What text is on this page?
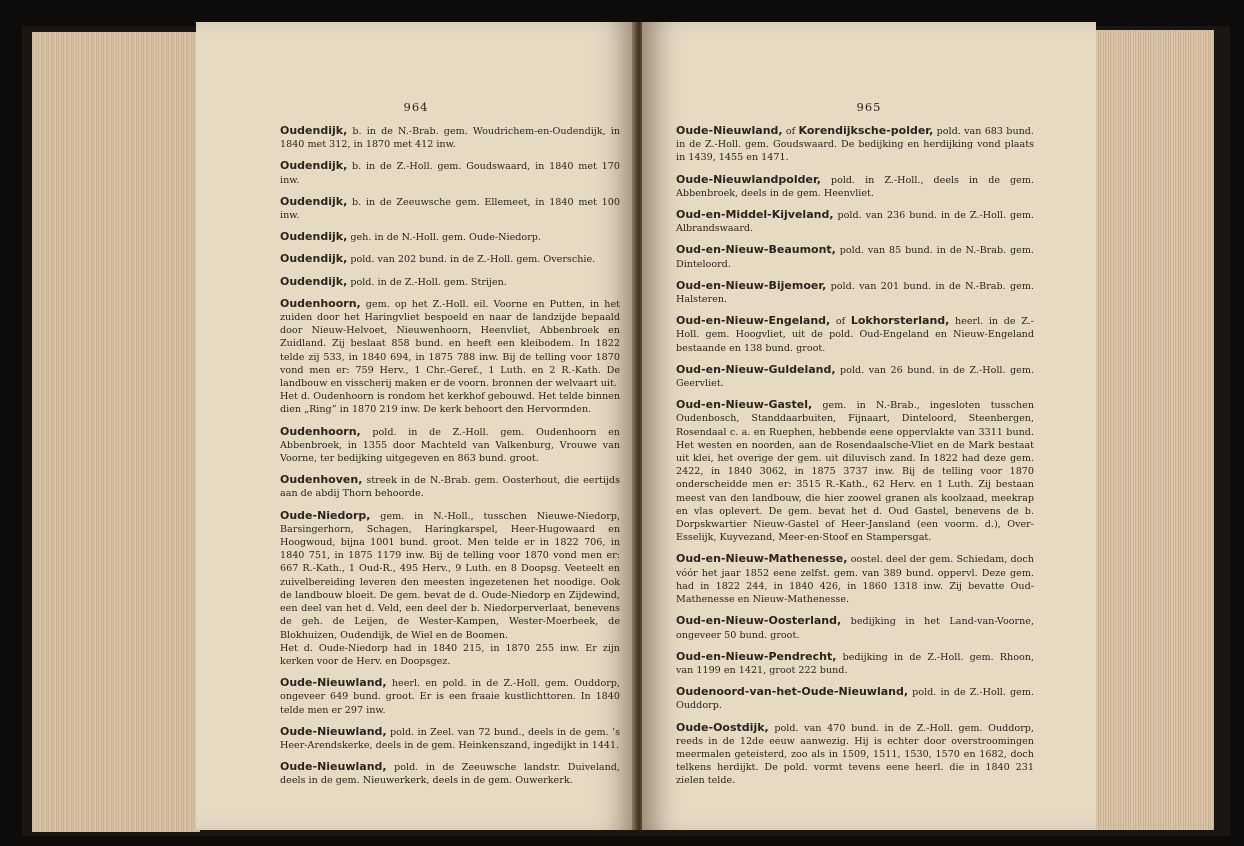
964

Oudendijk, b. in de N.-Brab. gem. Woudrichem-en-Oudendijk, in 1840 met 312, in 1870 met 412 inw.

Oudendijk, b. in de Z.-Holl. gem. Goudswaard, in 1840 met 170 inw.

Oudendijk, b. in de Zeeuwsche gem. Ellemeet, in 1840 met 100 inw.

Oudendijk, geh. in de N.-Holl. gem. Oude-Niedorp.

Oudendijk, pold. van 202 bund. in de Z.-Holl. gem. Overschie.

Oudendijk, pold. in de Z.-Holl. gem. Strijen.

Oudenhoorn, gem. op het Z.-Holl. eil. Voorne en Putten, in het zuiden door het Haringvliet bespoeld en naar de landzijde bepaald door Nieuw-Helvoet, Nieuwenhoorn, Heenvliet, Abbenbroek en Zuidland. Zij beslaat 858 bund. en heeft een kleibodem. In 1822 telde zij 533, in 1840 694, in 1875 788 inw. Bij de telling voor 1870 vond men er: 759 Herv., 1 Chr.-Geref., 1 Luth. en 2 R.-Kath. De landbouw en visscherij maken er de voorn. bronnen der welvaart uit.

Het d. Oudenhoorn is rondom het kerkhof gebouwd. Het telde binnen dien „Ring” in 1870 219 inw. De kerk behoort den Hervormden.

Oudenhoorn, pold. in de Z.-Holl. gem. Oudenhoorn en Abbenbroek, in 1355 door Machteld van Valkenburg, Vrouwe van Voorne, ter bedijking uitgegeven en 863 bund. groot.

Oudenhoven, streek in de N.-Brab. gem. Oosterhout, die eertijds aan de abdij Thorn behoorde.

Oude-Niedorp, gem. in N.-Holl., tusschen Nieuwe-Niedorp, Barsingerhorn, Schagen, Haringkarspel, Heer-Hugowaard en Hoogwoud, bijna 1001 bund. groot. Men telde er in 1822 706, in 1840 751, in 1875 1179 inw. Bij de telling voor 1870 vond men er: 667 R.-Kath., 1 Oud-R., 495 Herv., 9 Luth. en 8 Doopsg. Veeteelt en zuivelbereiding leveren den meesten ingezetenen het noodige. Ook de landbouw bloeit. De gem. bevat de d. Oude-Niedorp en Zijdewind, een deel van het d. Veld, een deel der b. Niedorperverlaat, benevens de geh. de Leijen, de Wester-Kampen, Wester-Moerbeek, de Blokhuizen, Oudendijk, de Wiel en de Boomen.

Het d. Oude-Niedorp had in 1840 215, in 1870 255 inw. Er zijn kerken voor de Herv. en Doopsgez.

Oude-Nieuwland, heerl. en pold. in de Z.-Holl. gem. Ouddorp, ongeveer 649 bund. groot. Er is een fraaie kustlichttoren. In 1840 telde men er 297 inw.

Oude-Nieuwland, pold. in Zeel. van 72 bund., deels in de gem. ’s Heer-Arendskerke, deels in de gem. Heinkenszand, ingedijkt in 1441.

Oude-Nieuwland, pold. in de Zeeuwsche landstr. Duiveland, deels in de gem. Nieuwerkerk, deels in de gem. Ouwerkerk.

965

Oude-Nieuwland, of Korendijksche-polder, pold. van 683 bund. in de Z.-Holl. gem. Goudswaard. De bedijking en herdijking vond plaats in 1439, 1455 en 1471.

Oude-Nieuwlandpolder, pold. in Z.-Holl., deels in de gem. Abbenbroek, deels in de gem. Heenvliet.

Oud-en-Middel-Kijveland, pold. van 236 bund. in de Z.-Holl. gem. Albrandswaard.

Oud-en-Nieuw-Beaumont, pold. van 85 bund. in de N.-Brab. gem. Dinteloord.

Oud-en-Nieuw-Bijemoer, pold. van 201 bund. in de N.-Brab. gem. Halsteren.

Oud-en-Nieuw-Engeland, of Lokhorsterland, heerl. in de Z.-Holl. gem. Hoogvliet, uit de pold. Oud-Engeland en Nieuw-Engeland bestaande en 138 bund. groot.

Oud-en-Nieuw-Guldeland, pold. van 26 bund. in de Z.-Holl. gem. Geervliet.

Oud-en-Nieuw-Gastel, gem. in N.-Brab., ingesloten tusschen Oudenbosch, Standdaarbuiten, Fijnaart, Dinteloord, Steenbergen, Rosendaal c. a. en Ruephen, hebbende eene oppervlakte van 3311 bund. Het westen en noorden, aan de Rosendaalsche-Vliet en de Mark bestaat uit klei, het overige der gem. uit diluvisch zand. In 1822 had deze gem. 2422, in 1840 3062, in 1875 3737 inw. Bij de telling voor 1870 onderscheidde men er: 3515 R.-Kath., 62 Herv. en 1 Luth. Zij bestaan meest van den landbouw, die hier zoowel granen als koolzaad, meekrap en vlas oplevert. De gem. bevat het d. Oud Gastel, benevens de b. Dorpskwartier Nieuw-Gastel of Heer-Jansland (een voorm. d.), Over-Esselijk, Kuyvezand, Meer-en-Stoof en Stampersgat.

Oud-en-Nieuw-Mathenesse, oostel. deel der gem. Schiedam, doch vóór het jaar 1852 eene zelfst. gem. van 389 bund. oppervl. Deze gem. had in 1822 244, in 1840 426, in 1860 1318 inw. Zij bevatte Oud-Mathenesse en Nieuw-Mathenesse.

Oud-en-Nieuw-Oosterland, bedijking in het Land-van-Voorne, ongeveer 50 bund. groot.

Oud-en-Nieuw-Pendrecht, bedijking in de Z.-Holl. gem. Rhoon, van 1199 en 1421, groot 222 bund.

Oudenoord-van-het-Oude-Nieuwland, pold. in de Z.-Holl. gem. Ouddorp.

Oude-Oostdijk, pold. van 470 bund. in de Z.-Holl. gem. Ouddorp, reeds in de 12de eeuw aanwezig. Hij is echter door overstroomingen meermalen geteisterd, zoo als in 1509, 1511, 1530, 1570 en 1682, doch telkens herdijkt. De pold. vormt tevens eene heerl. die in 1840 231 zielen telde.
